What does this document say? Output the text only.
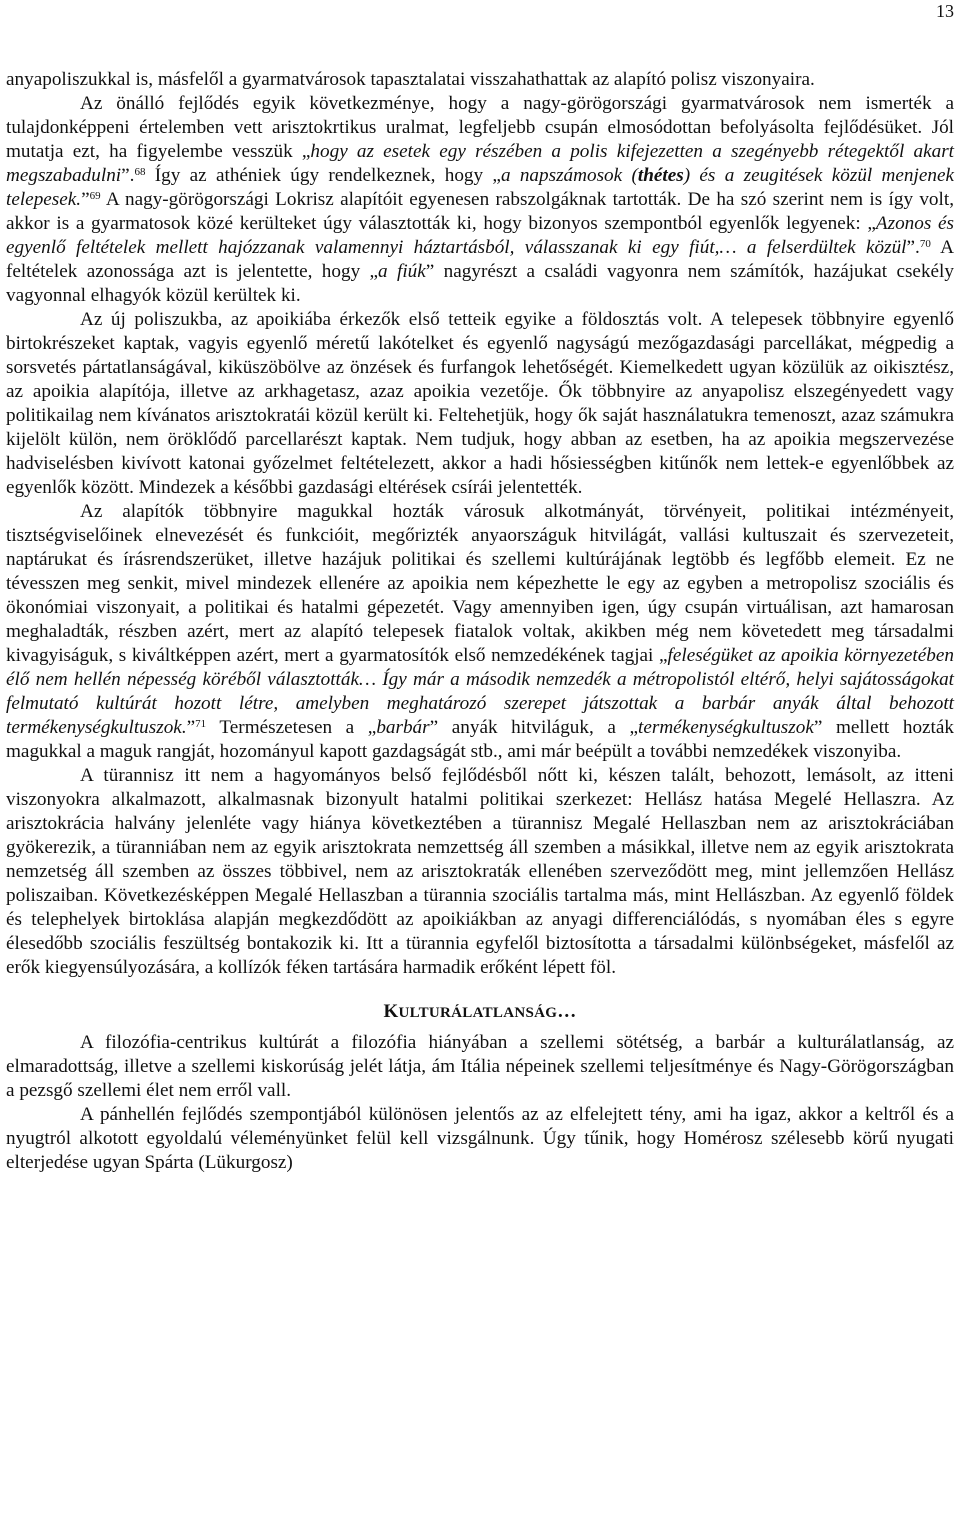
13

anyapoliszukkal is, másfelől a gyarmatvárosok tapasztalatai visszahathattak az alapító polisz viszonyaira.

Az önálló fejlődés egyik következménye, hogy a nagy-görögországi gyarmatvárosok nem ismerték a tulajdonképpeni értelemben vett arisztokrtikus uralmat, legfeljebb csupán elmosódottan befolyásolta fejlődésüket. Jól mutatja ezt, ha figyelembe vesszük „hogy az esetek egy részében a polis kifejezetten a szegényebb rétegektől akart megszabadulni”.$^{68}$ Így az athéniek úgy rendelkeznek, hogy „a napszámosok (thétes) és a zeugitések közül menjenek telepesek.”$^{69}$ A nagy-görögországi Lokrisz alapítóit egyenesen rabszolgáknak tartották. De ha szó szerint nem is így volt, akkor is a gyarmatosok közé kerülteket úgy választották ki, hogy bizonyos szempontból egyenlők legyenek: „Azonos és egyenlő feltételek mellett hajózzanak valamennyi háztartásból, válasszanak ki egy fiút,… a felserdültek közül”.$^{70}$ A feltételek azonossága azt is jelentette, hogy „a fiúk” nagyrészt a családi vagyonra nem számítók, hazájukat csekély vagyonnal elhagyók közül kerültek ki.

Az új poliszukba, az apoikiába érkezők első tetteik egyike a földosztás volt. A telepesek többnyire egyenlő birtokrészeket kaptak, vagyis egyenlő méretű lakótelket és egyenlő nagyságú mezőgazdasági parcellákat, mégpedig a sorsvetés pártatlanságával, kiküszöbölve az önzések és furfangok lehetőségét. Kiemelkedett ugyan közülük az oikisztész, az apoikia alapítója, illetve az arkhagetasz, azaz apoikia vezetője. Ők többnyire az anyapolisz elszegényedett vagy politikailag nem kívánatos arisztokratái közül került ki. Feltehetjük, hogy ők saját használatukra temenoszt, azaz számukra kijelölt külön, nem öröklődő parcellarészt kaptak. Nem tudjuk, hogy abban az esetben, ha az apoikia megszervezése hadviselésben kivívott katonai győzelmet feltételezett, akkor a hadi hősiességben kitűnők nem lettek-e egyenlőbbek az egyenlők között. Mindezek a későbbi gazdasági eltérések csírái jelentették.

Az alapítók többnyire magukkal hozták városuk alkotmányát, törvényeit, politikai intézményeit, tisztségviselőinek elnevezését és funkcióit, megőrizték anyaországuk hitvilágát, vallási kultuszait és szervezeteit, naptárukat és írásrendszerüket, illetve hazájuk politikai és szellemi kultúrájának legtöbb és legfőbb elemeit. Ez ne tévesszen meg senkit, mivel mindezek ellenére az apoikia nem képezhette le egy az egyben a metropolisz szociális és ökonómiai viszonyait, a politikai és hatalmi gépezetét. Vagy amennyiben igen, úgy csupán virtuálisan, azt hamarosan meghaladták, részben azért, mert az alapító telepesek fiatalok voltak, akikben még nem követedett meg társadalmi kivagyiságuk, s kiváltképpen azért, mert a gyarmatosítók első nemzedékének tagjai „feleségüket az apoikia környezetében élő nem hellén népesség köréből választották… Így már a második nemzedék a métropolistól eltérő, helyi sajátosságokat felmutató kultúrát hozott létre, amelyben meghatározó szerepet játszottak a barbár anyák által behozott termékenységkultuszok.”$^{71}$ Természetesen a „barbár” anyák hitviláguk, a „termékenységkultuszok” mellett hozták magukkal a maguk rangját, hozományul kapott gazdagságát stb., ami már beépült a további nemzedékek viszonyiba.

A türannisz itt nem a hagyományos belső fejlődésből nőtt ki, készen talált, behozott, lemásolt, az itteni viszonyokra alkalmazott, alkalmasnak bizonyult hatalmi politikai szerkezet: Hellász hatása Megelé Hellaszra. Az arisztokrácia halvány jelenléte vagy hiánya következtében a türannisz Megalé Hellaszban nem az arisztokráciában gyökerezik, a türanniában nem az egyik arisztokrata nemzettség áll szemben a másikkal, illetve nem az egyik arisztokrata nemzetség áll szemben az összes többivel, nem az arisztokraták ellenében szerveződött meg, mint jellemzően Hellász poliszaiban. Következésképpen Megalé Hellaszban a türannia szociális tartalma más, mint Hellászban. Az egyenlő földek és telephelyek birtoklása alapján megkezdődött az apoikiákban az anyagi differenciálódás, s nyomában éles s egyre élesedőbb szociális feszültség bontakozik ki. Itt a türannia egyfelől biztosította a társadalmi különbségeket, másfelől az erők kiegyensúlyozására, a kollízók féken tartására harmadik erőként lépett föl.

KULTURÁLATLANSÁG…

A filozófia-centrikus kultúrát a filozófia hiányában a szellemi sötétség, a barbár a kulturálatlanság, az elmaradottság, illetve a szellemi kiskorúság jelét látja, ám Itália népeinek szellemi teljesítménye és Nagy-Görögországban a pezsgő szellemi élet nem erről vall.

A pánhellén fejlődés szempontjából különösen jelentős az az elfelejtett tény, ami ha igaz, akkor a keltről és a nyugtról alkotott egyoldalú véleményünket felül kell vizsgálnunk. Úgy tűnik, hogy Homérosz szélesebb körű nyugati elterjedése ugyan Spárta (Lükurgosz)
